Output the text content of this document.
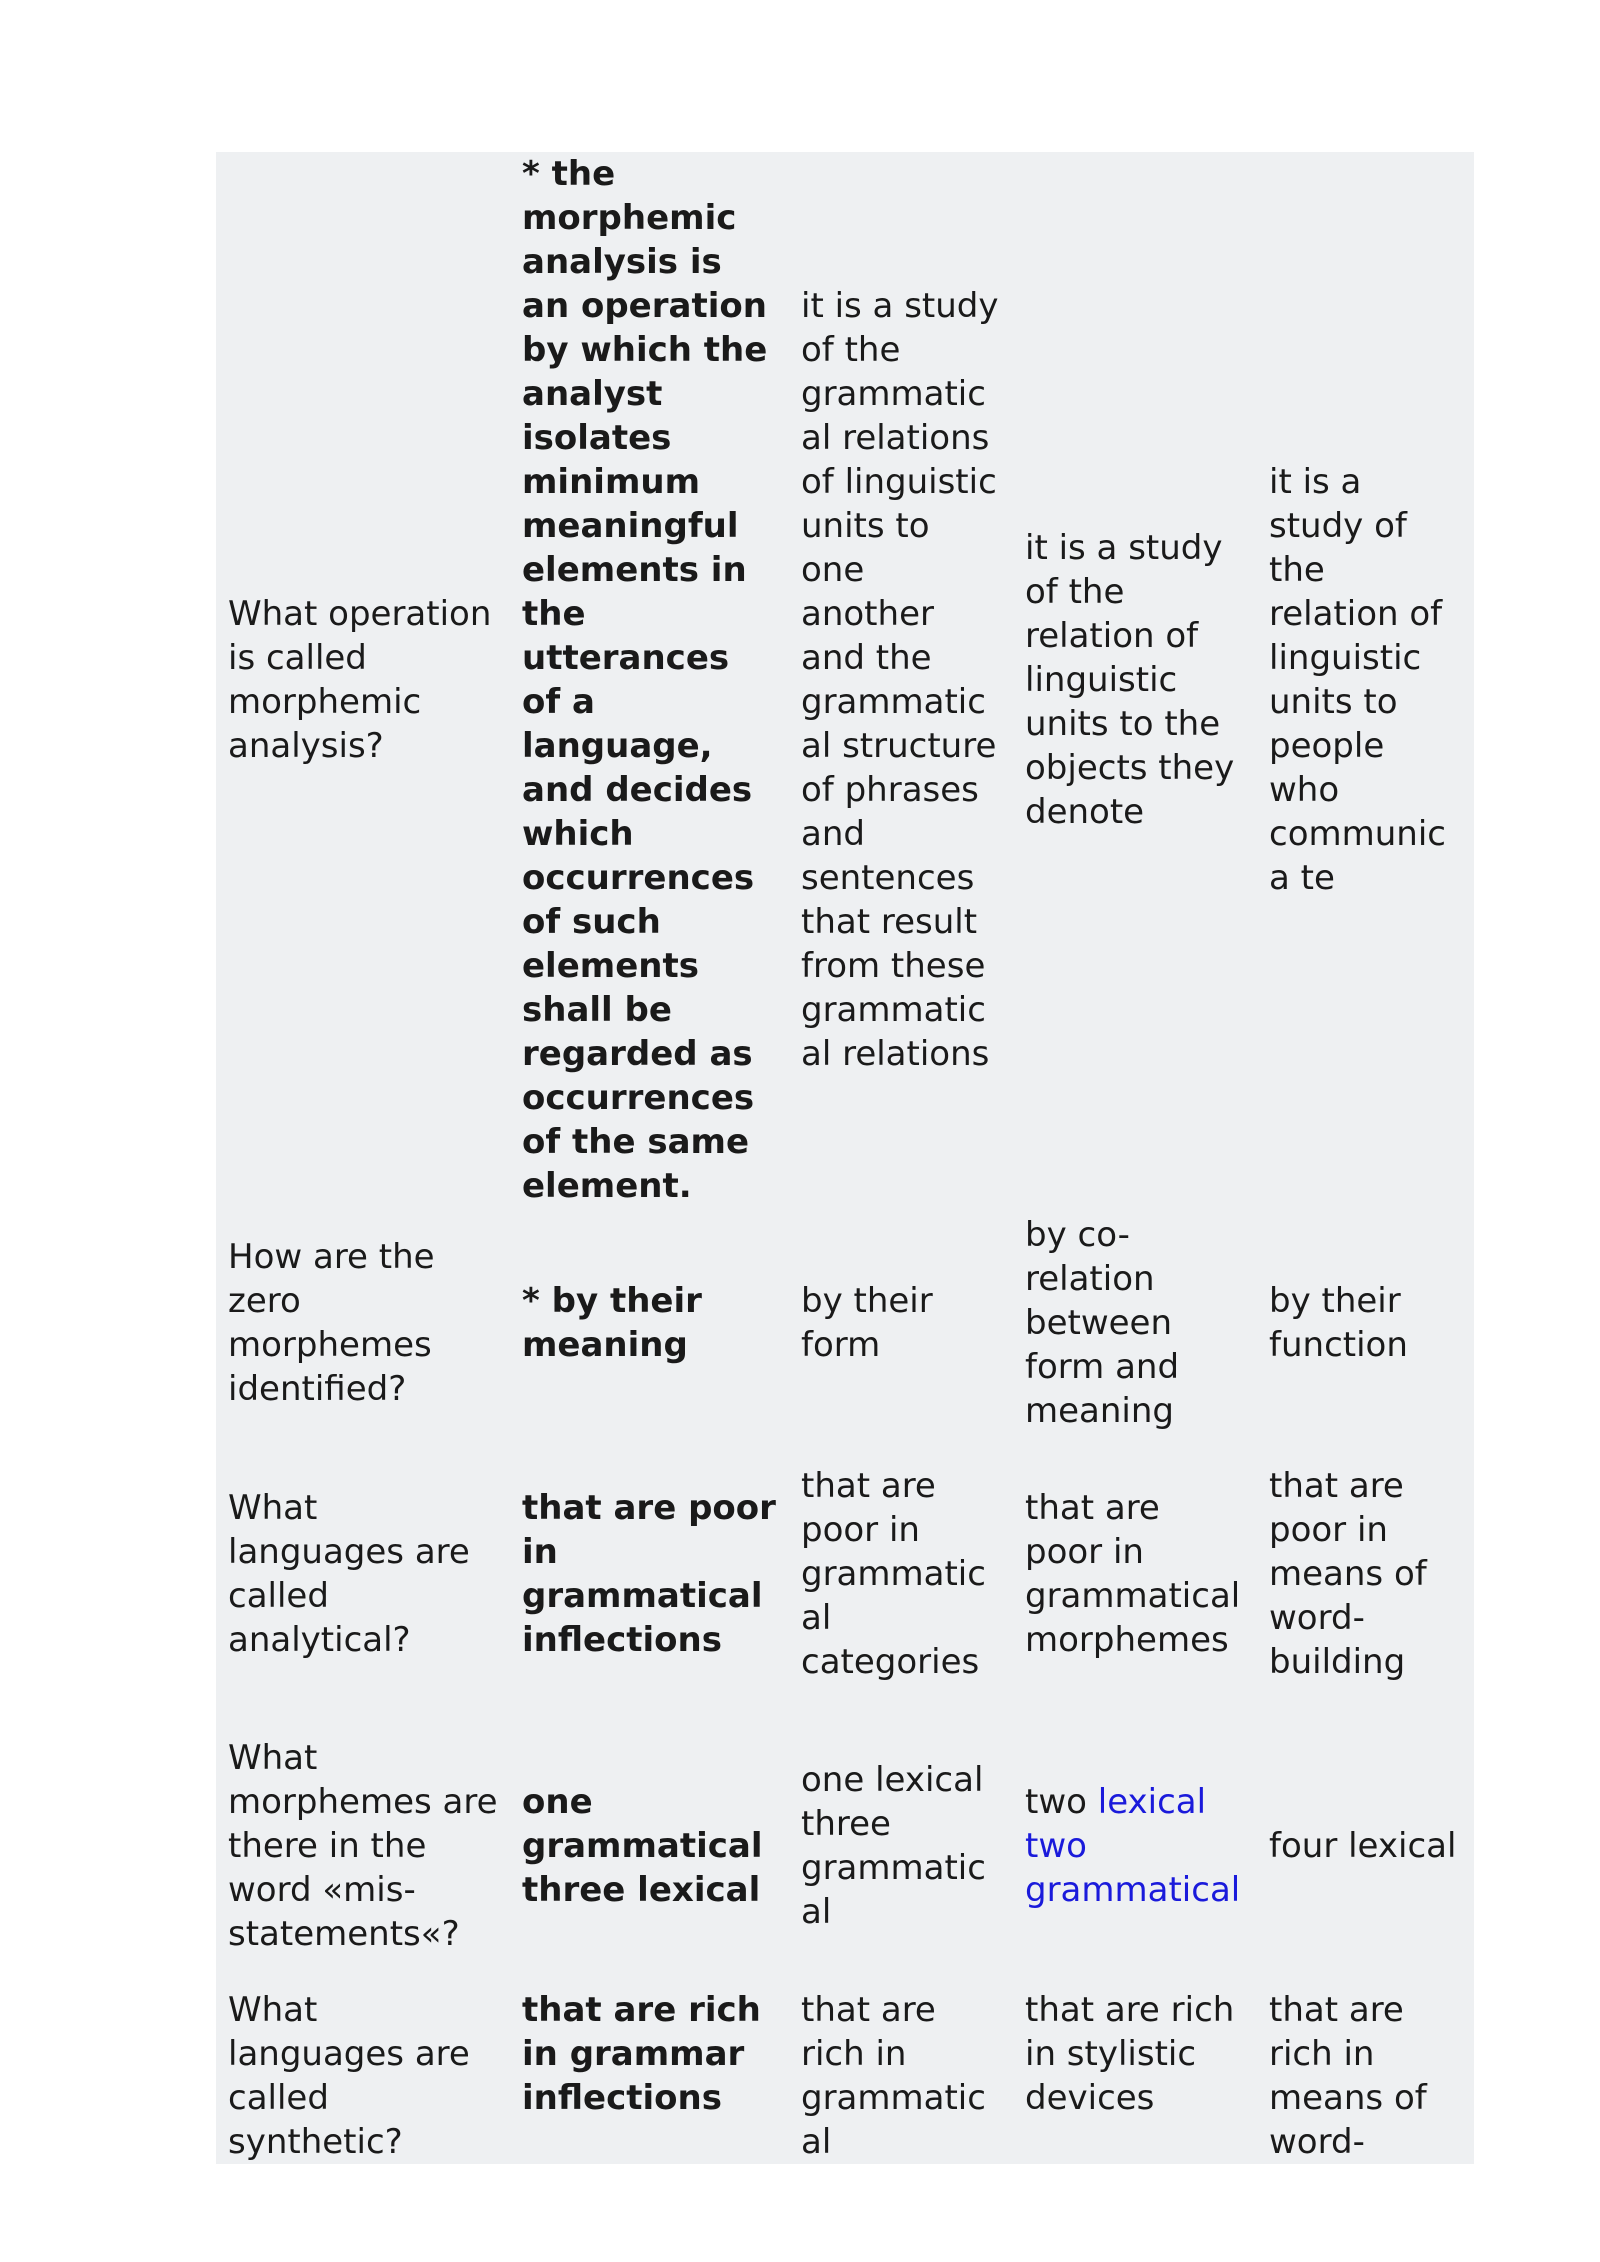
What operation is called morphemic analysis?	* the morphemic analysis is an operation by which the analyst isolates minimum meaningful elements in the utterances of a language, and decides which occurrences of such elements shall be regarded as occurrences of the same element.	it is a study of the grammatical relations of linguistic units to one another and the grammatical structure of phrases and sentences that result from these grammatical relations	it is a study of the relation of linguistic units to the objects they denote	it is a study of the relation of linguistic units to people who communica te
How are the zero morphemes identified?	* by their meaning	by their form	by co-relation between form and meaning	by their function
What languages are called analytical?	that are poor in grammatical inflections	that are poor in grammatical categories	that are poor in grammatical morphemes	that are poor in means of word-building
What morphemes are there in the word «mis-statements«?	one grammatical three lexical	one lexical three grammatical	two lexical two grammatical	four lexical
What languages are called synthetic?	that are rich in grammar inflections	that are rich in grammatical	that are rich in stylistic devices	that are rich in means of word-
